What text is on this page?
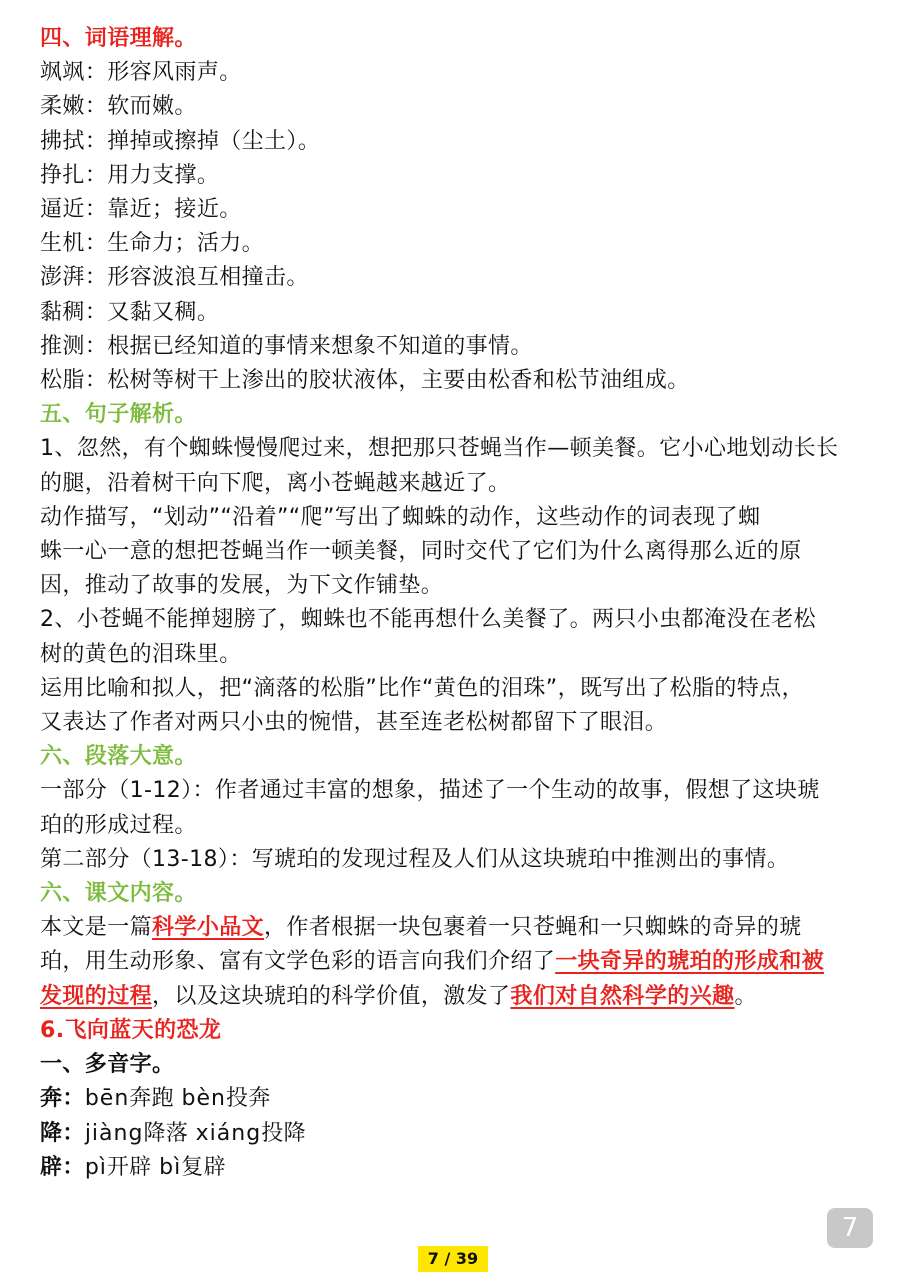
四、词语理解。

飒飒：形容风雨声。

柔嫩：软而嫩。

拂拭：掸掉或擦掉（尘土）。

挣扎：用力支撑。

逼近：靠近；接近。

生机：生命力；活力。

澎湃：形容波浪互相撞击。

黏稠：又黏又稠。

推测：根据已经知道的事情来想象不知道的事情。

松脂：松树等树干上渗出的胶状液体，主要由松香和松节油组成。

五、句子解析。

1、忽然，有个蜘蛛慢慢爬过来，想把那只苍蝇当作—顿美餐。它小心地划动长长

的腿，沿着树干向下爬，离小苍蝇越来越近了。

动作描写，“划动”“沿着”“爬”写出了蜘蛛的动作，这些动作的词表现了蜘

蛛一心一意的想把苍蝇当作一顿美餐，同时交代了它们为什么离得那么近的原

因，推动了故事的发展，为下文作铺垫。

2、小苍蝇不能掸翅膀了，蜘蛛也不能再想什么美餐了。两只小虫都淹没在老松

树的黄色的泪珠里。

运用比喻和拟人，把“滴落的松脂”比作“黄色的泪珠”，既写出了松脂的特点，

又表达了作者对两只小虫的惋惜，甚至连老松树都留下了眼泪。

六、段落大意。

一部分（1-12）：作者通过丰富的想象，描述了一个生动的故事，假想了这块琥

珀的形成过程。

第二部分（13-18）：写琥珀的发现过程及人们从这块琥珀中推测出的事情。

六、课文内容。

本文是一篇科学小品文，作者根据一块包裹着一只苍蝇和一只蜘蛛的奇异的琥

珀，用生动形象、富有文学色彩的语言向我们介绍了一块奇异的琥珀的形成和被

发现的过程，以及这块琥珀的科学价值，激发了我们对自然科学的兴趣。

6.飞向蓝天的恐龙

一、多音字。

奔：bēn奔跑 bèn投奔

降：jiàng降落 xiáng投降

辟：pì开辟 bì复辟

7
7 / 39
